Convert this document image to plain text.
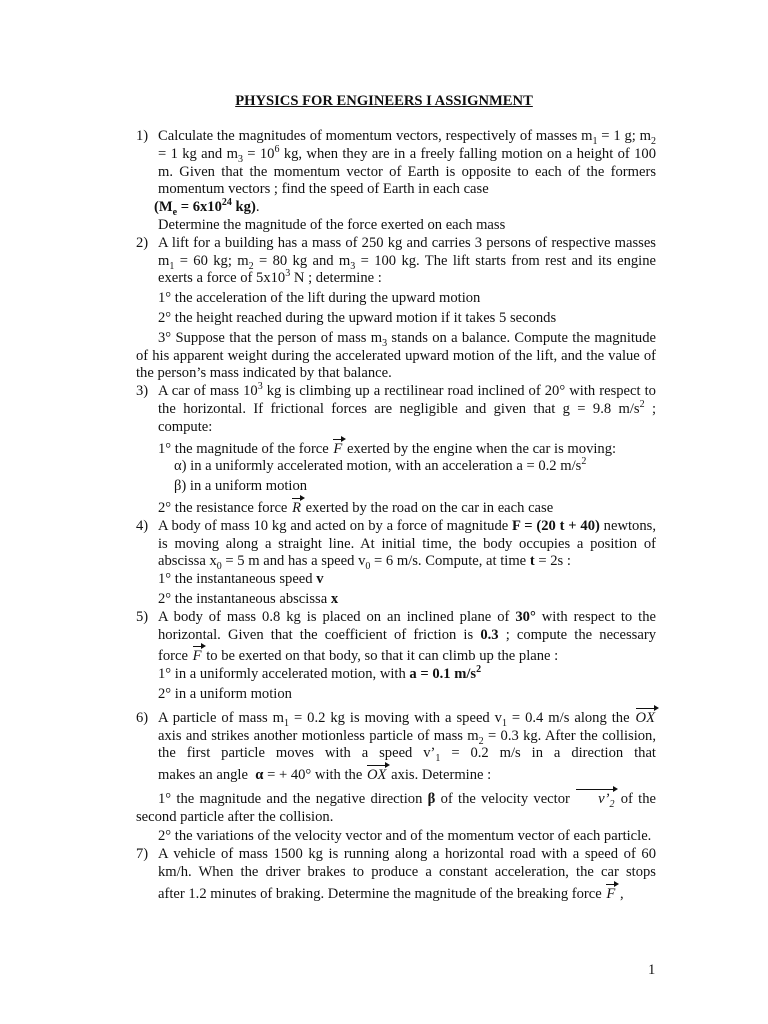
PHYSICS FOR ENGINEERS I ASSIGNMENT
1) Calculate the magnitudes of momentum vectors, respectively of masses $m_1 = 1$ g; $m_2 = 1$ kg and $m_3 = 10^6$ kg, when they are in a freely falling motion on a height of 100 m. Given that the momentum vector of Earth is opposite to each of the formers momentum vectors ; find the speed of Earth in each case
($M_e = 6x10^{24}$ kg).
Determine the magnitude of the force exerted on each mass
2) A lift for a building has a mass of 250 kg and carries 3 persons of respective masses $m_1 = 60$ kg; $m_2 = 80$ kg and $m_3 = 100$ kg. The lift starts from rest and its engine exerts a force of $5x10^3$ N ; determine :
1° the acceleration of the lift during the upward motion
2° the height reached during the upward motion if it takes 5 seconds
3° Suppose that the person of mass $m_3$ stands on a balance. Compute the magnitude of his apparent weight during the accelerated upward motion of the lift, and the value of the person’s mass indicated by that balance.
3) A car of mass $10^3$ kg is climbing up a rectilinear road inclined of 20° with respect to the horizontal. If frictional forces are negligible and given that g = 9.8 $m/s^2$ ; compute:
1° the magnitude of the force F exerted by the engine when the car is moving:
α) in a uniformly accelerated motion, with an acceleration a = 0.2 $m/s^2$
β) in a uniform motion
2° the resistance force R exerted by the road on the car in each case
4) A body of mass 10 kg and acted on by a force of magnitude F = (20 t + 40) newtons, is moving along a straight line. At initial time, the body occupies a position of abscissa $x_0 = 5$ m and has a speed $v_0 = 6$ m/s. Compute, at time t = 2s :
1° the instantaneous speed v
2° the instantaneous abscissa x
5) A body of mass 0.8 kg is placed on an inclined plane of 30° with respect to the horizontal. Given that the coefficient of friction is 0.3 ; compute the necessary force F to be exerted on that body, so that it can climb up the plane :
1° in a uniformly accelerated motion, with a = 0.1 $m/s^2$
2° in a uniform motion
6) A particle of mass $m_1 = 0.2$ kg is moving with a speed $v_1 = 0.4$ m/s along the OX axis and strikes another motionless particle of mass $m_2 = 0.3$ kg. After the collision, the first particle moves with a speed $v’_1 = 0.2$ m/s in a direction that makes an angle  α = + 40° with the OX axis. Determine :
1° the magnitude and the negative direction β of the velocity vector $v’_2$ of the second particle after the collision.
2° the variations of the velocity vector and of the momentum vector of each particle.
7) A vehicle of mass 1500 kg is running along a horizontal road with a speed of 60 km/h. When the driver brakes to produce a constant acceleration, the car stops after 1.2 minutes of braking. Determine the magnitude of the breaking force F ,
1
